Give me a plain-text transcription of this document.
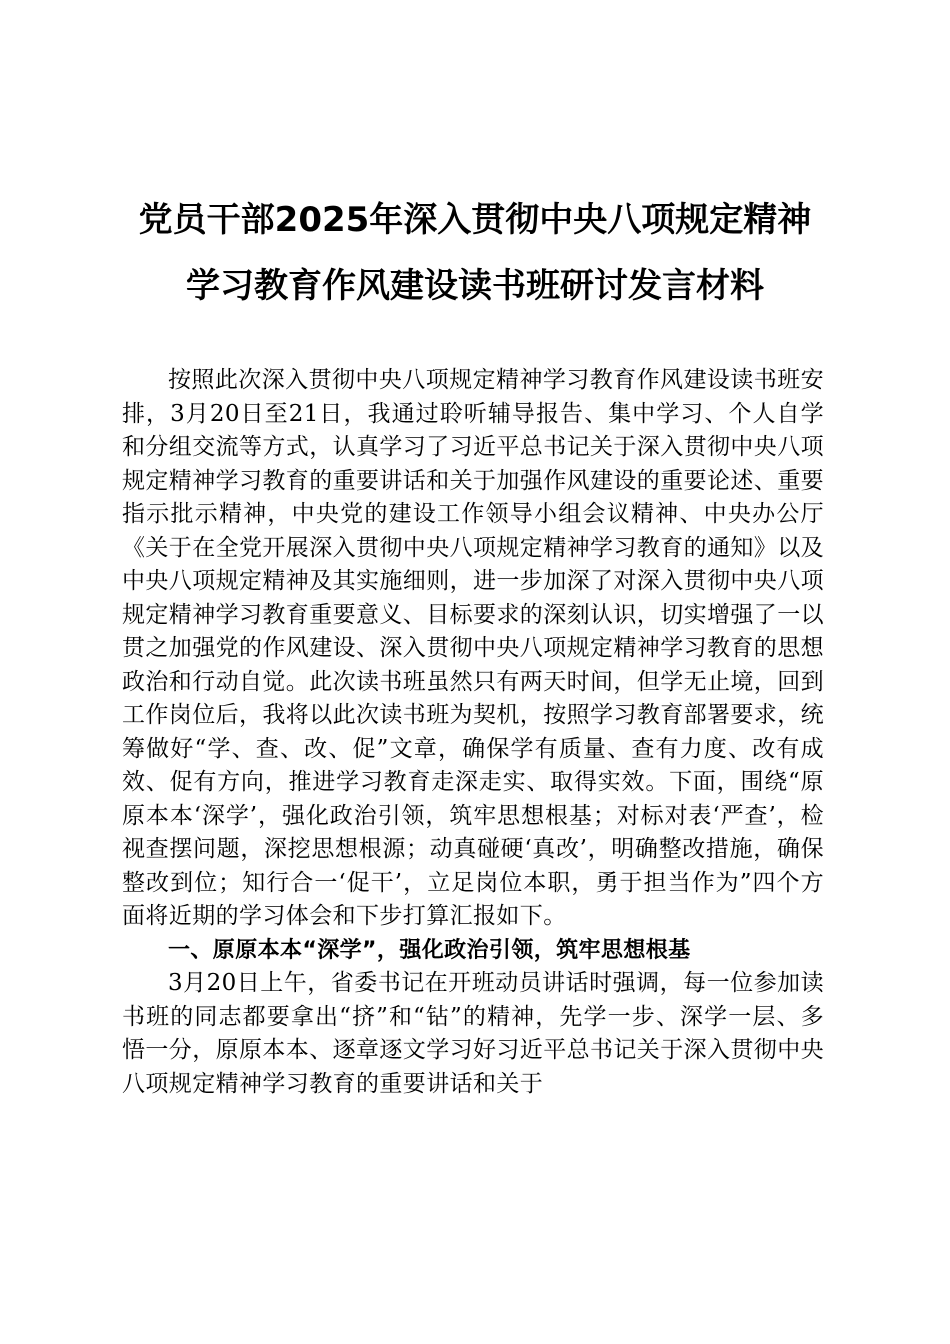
党员干部2025年深入贯彻中央八项规定精神
学习教育作风建设读书班研讨发言材料

按照此次深入贯彻中央八项规定精神学习教育作风建设读书班安排，3月20日至21日，我通过聆听辅导报告、集中学习、个人自学和分组交流等方式，认真学习了习近平总书记关于深入贯彻中央八项规定精神学习教育的重要讲话和关于加强作风建设的重要论述、重要指示批示精神，中央党的建设工作领导小组会议精神、中央办公厅《关于在全党开展深入贯彻中央八项规定精神学习教育的通知》以及中央八项规定精神及其实施细则，进一步加深了对深入贯彻中央八项规定精神学习教育重要意义、目标要求的深刻认识，切实增强了一以贯之加强党的作风建设、深入贯彻中央八项规定精神学习教育的思想政治和行动自觉。此次读书班虽然只有两天时间，但学无止境，回到工作岗位后，我将以此次读书班为契机，按照学习教育部署要求，统筹做好“学、查、改、促”文章，确保学有质量、查有力度、改有成效、促有方向，推进学习教育走深走实、取得实效。下面，围绕“原原本本‘深学’，强化政治引领，筑牢思想根基；对标对表‘严查’，检视查摆问题，深挖思想根源；动真碰硬‘真改’，明确整改措施，确保整改到位；知行合一‘促干’，立足岗位本职，勇于担当作为”四个方面将近期的学习体会和下步打算汇报如下。

一、原原本本“深学”，强化政治引领，筑牢思想根基

3月20日上午，省委书记在开班动员讲话时强调，每一位参加读书班的同志都要拿出“挤”和“钻”的精神，先学一步、深学一层、多悟一分，原原本本、逐章逐文学习好习近平总书记关于深入贯彻中央八项规定精神学习教育的重要讲话和关于
